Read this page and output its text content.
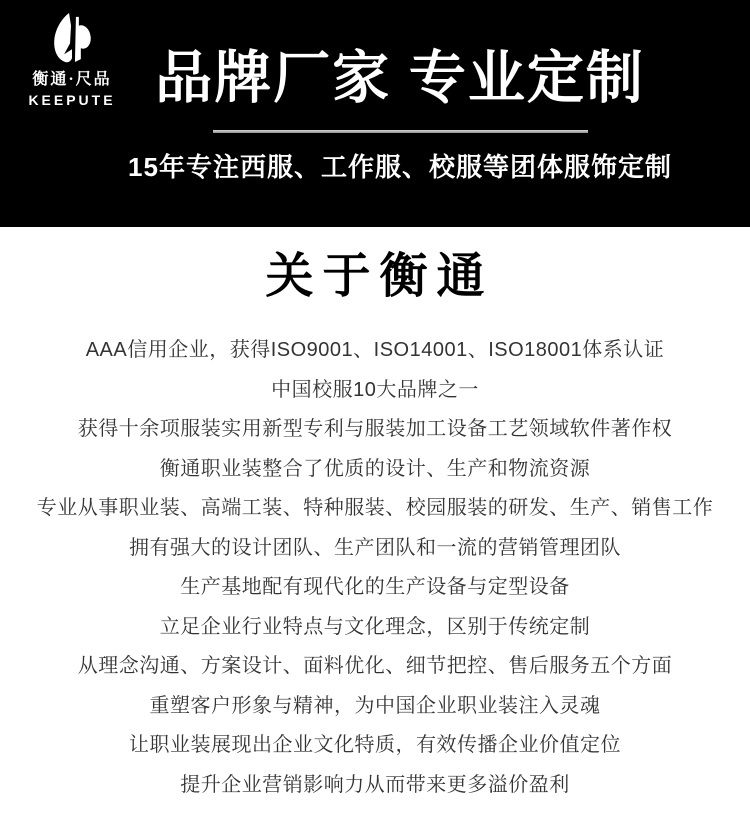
衡通·尺品
KEEPUTE 品牌厂家 专业定制

15年专注西服、工作服、校服等团体服饰定制

关于衡通

AAA信用企业，获得ISO9001、ISO14001、ISO18001体系认证

中国校服10大品牌之一

获得十余项服装实用新型专利与服装加工设备工艺领域软件著作权

衡通职业装整合了优质的设计、生产和物流资源

专业从事职业装、高端工装、特种服装、校园服装的研发、生产、销售工作

拥有强大的设计团队、生产团队和一流的营销管理团队

生产基地配有现代化的生产设备与定型设备

立足企业行业特点与文化理念，区别于传统定制

从理念沟通、方案设计、面料优化、细节把控、售后服务五个方面

重塑客户形象与精神，为中国企业职业装注入灵魂

让职业装展现出企业文化特质，有效传播企业价值定位

提升企业营销影响力从而带来更多溢价盈利
